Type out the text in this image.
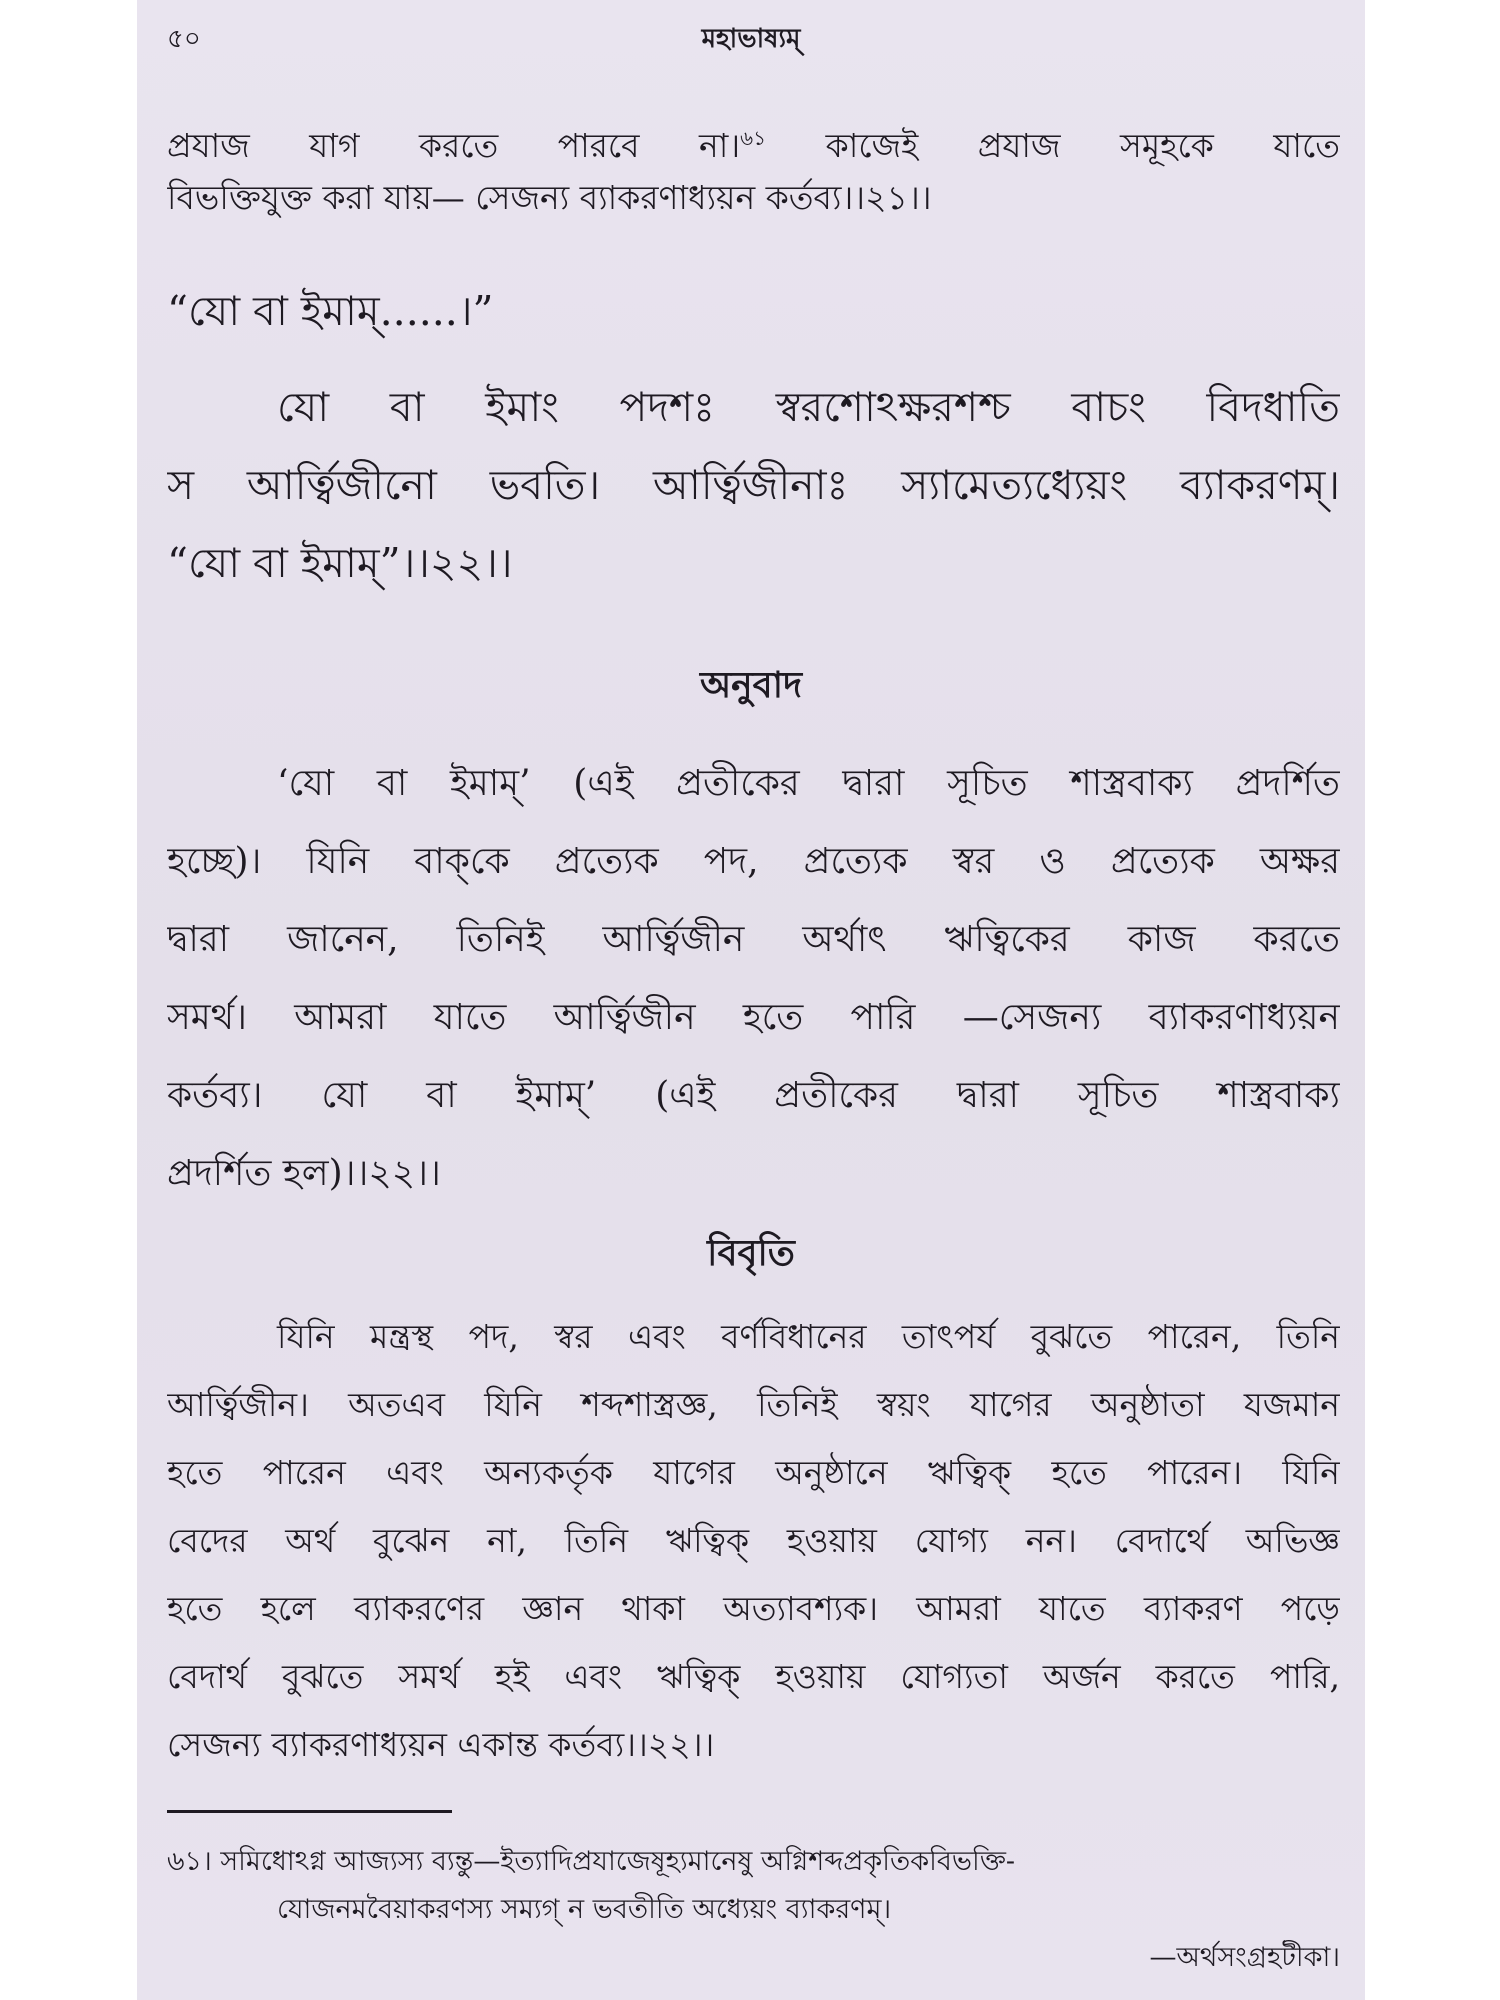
৫০	মহাভাষ্যম্
প্রযাজ যাগ করতে পারবে না।$^{৬১}$ কাজেই প্রযাজ সমূহকে যাতে
বিভক্তিযুক্ত করা যায়— সেজন্য ব্যাকরণাধ্যয়ন কর্তব্য।।২১।।
“যো বা ইমাম্......।”
যো বা ইমাং পদশঃ স্বরশোঽক্ষরশশ্চ বাচং বিদধাতি
স আর্ত্বিজীনো ভবতি। আর্ত্বিজীনাঃ স্যামেত্যধ্যেয়ং ব্যাকরণম্।
“যো বা ইমাম্”।।২২।।
অনুবাদ
‘যো বা ইমাম্’ (এই প্রতীকের দ্বারা সূচিত শাস্ত্রবাক্য প্রদর্শিত
হচ্ছে)। যিনি বাক্‌কে প্রত্যেক পদ, প্রত্যেক স্বর ও প্রত্যেক অক্ষর
দ্বারা জানেন, তিনিই আর্ত্বিজীন অর্থাৎ ঋত্বিকের কাজ করতে
সমর্থ। আমরা যাতে আর্ত্বিজীন হতে পারি —সেজন্য ব্যাকরণাধ্যয়ন
কর্তব্য। যো বা ইমাম্’ (এই প্রতীকের দ্বারা সূচিত শাস্ত্রবাক্য
প্রদর্শিত হল)।।২২।।
বিবৃতি
যিনি মন্ত্রস্থ পদ, স্বর এবং বর্ণবিধানের তাৎপর্য বুঝতে পারেন, তিনি
আর্ত্বিজীন। অতএব যিনি শব্দশাস্ত্রজ্ঞ, তিনিই স্বয়ং যাগের অনুষ্ঠাতা যজমান
হতে পারেন এবং অন্যকর্তৃক যাগের অনুষ্ঠানে ঋত্বিক্ হতে পারেন। যিনি
বেদের অর্থ বুঝেন না, তিনি ঋত্বিক্ হওয়ায় যোগ্য নন। বেদার্থে অভিজ্ঞ
হতে হলে ব্যাকরণের জ্ঞান থাকা অত্যাবশ্যক। আমরা যাতে ব্যাকরণ পড়ে
বেদার্থ বুঝতে সমর্থ হই এবং ঋত্বিক্ হওয়ায় যোগ্যতা অর্জন করতে পারি,
সেজন্য ব্যাকরণাধ্যয়ন একান্ত কর্তব্য।।২২।।
৬১। সমিধোঽগ্ন আজ্যস্য ব্যন্তু—ইত্যাদিপ্রযাজেষূহ্যমানেষু অগ্নিশব্দপ্রকৃতিকবিভক্তি-
যোজনমবৈয়াকরণস্য সম্যগ্ ন ভবতীতি অধ্যেয়ং ব্যাকরণম্।
—অর্থসংগ্রহটীকা।
